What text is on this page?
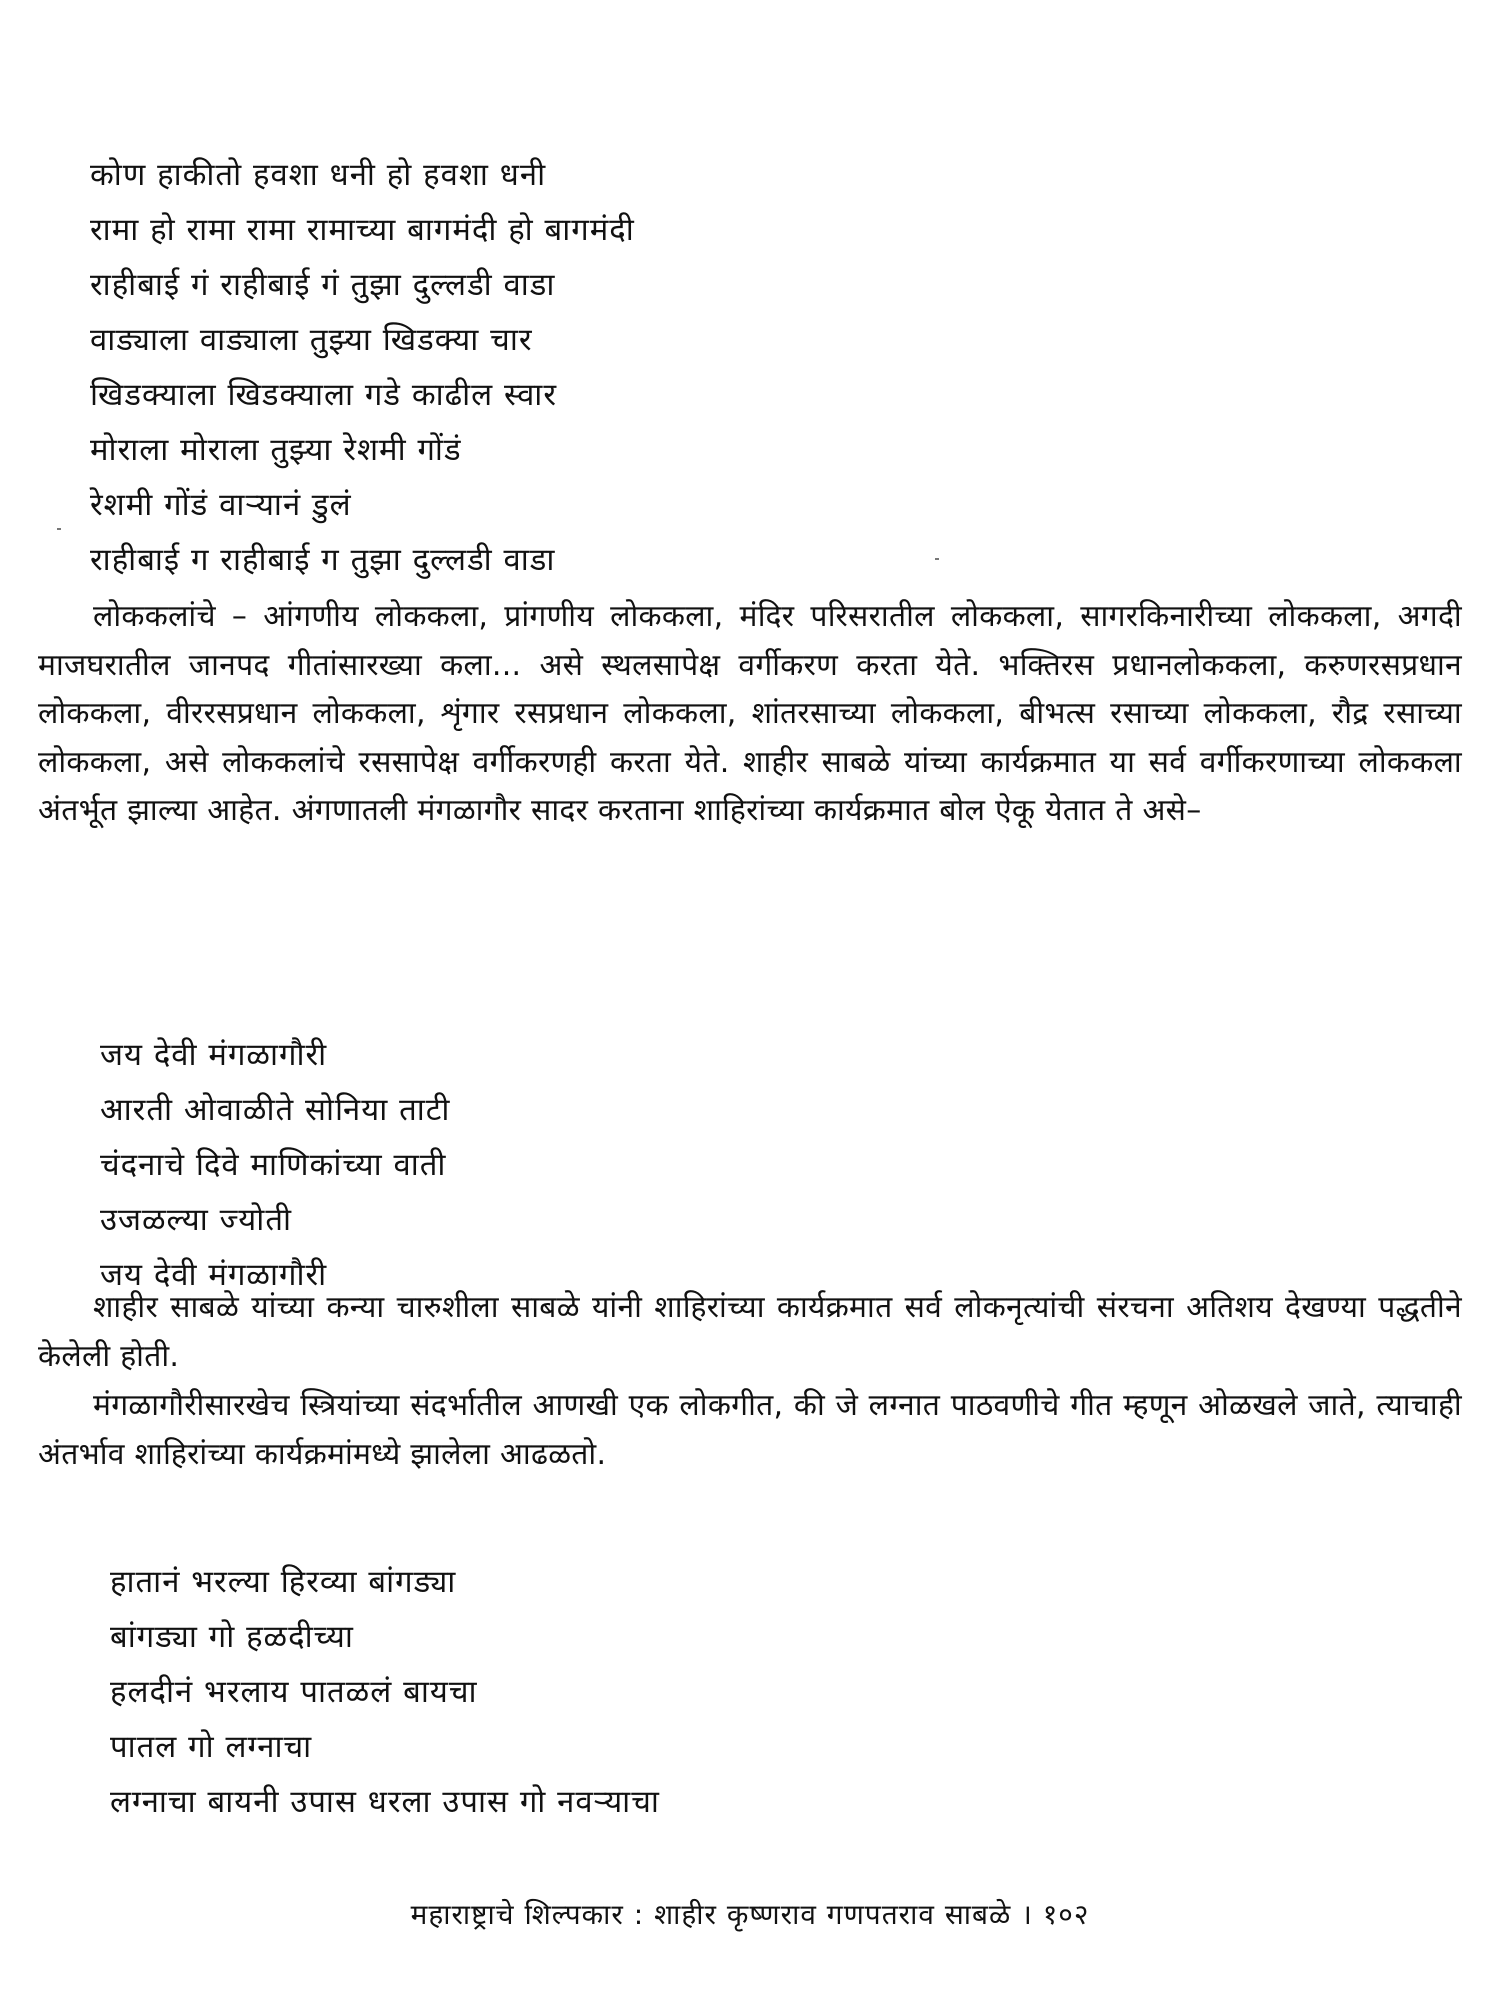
कोण हाकीतो हवशा धनी हो हवशा धनी

रामा हो रामा रामा रामाच्या बागमंदी हो बागमंदी

राहीबाई गं राहीबाई गं तुझा दुल्लडी वाडा

वाड्याला वाड्याला तुझ्या खिडक्या चार

खिडक्याला खिडक्याला गडे काढील स्वार

मोराला मोराला तुझ्या रेशमी गोंडं

रेशमी गोंडं वाऱ्यानं डुलं

राहीबाई ग राहीबाई ग तुझा दुल्लडी वाडा

लोककलांचे – आंगणीय लोककला, प्रांगणीय लोककला, मंदिर परिसरातील लोककला, सागरकिनारीच्या लोककला, अगदी माजघरातील जानपद गीतांसारख्या कला... असे स्थलसापेक्ष वर्गीकरण करता येते. भक्तिरस प्रधानलोककला, करुणरसप्रधान लोककला, वीररसप्रधान लोककला, शृंगार रसप्रधान लोककला, शांतरसाच्या लोककला, बीभत्स रसाच्या लोककला, रौद्र रसाच्या लोककला, असे लोककलांचे रससापेक्ष वर्गीकरणही करता येते. शाहीर साबळे यांच्या कार्यक्रमात या सर्व वर्गीकरणाच्या लोककला अंतर्भूत झाल्या आहेत. अंगणातली मंगळागौर सादर करताना शाहिरांच्या कार्यक्रमात बोल ऐकू येतात ते असे–

जय देवी मंगळागौरी

आरती ओवाळीते सोनिया ताटी

चंदनाचे दिवे माणिकांच्या वाती

उजळल्या ज्योती

जय देवी मंगळागौरी

शाहीर साबळे यांच्या कन्या चारुशीला साबळे यांनी शाहिरांच्या कार्यक्रमात सर्व लोकनृत्यांची संरचना अतिशय देखण्या पद्धतीने केलेली होती.

मंगळागौरीसारखेच स्त्रियांच्या संदर्भातील आणखी एक लोकगीत, की जे लग्नात पाठवणीचे गीत म्हणून ओळखले जाते, त्याचाही अंतर्भाव शाहिरांच्या कार्यक्रमांमध्ये झालेला आढळतो.

हातानं भरल्या हिरव्या बांगड्या

बांगड्या गो हळदीच्या

हलदीनं भरलाय पातळलं बायचा

पातल गो लग्नाचा

लग्नाचा बायनी उपास धरला उपास गो नवऱ्याचा

महाराष्ट्राचे शिल्पकार : शाहीर कृष्णराव गणपतराव साबळे । १०२
